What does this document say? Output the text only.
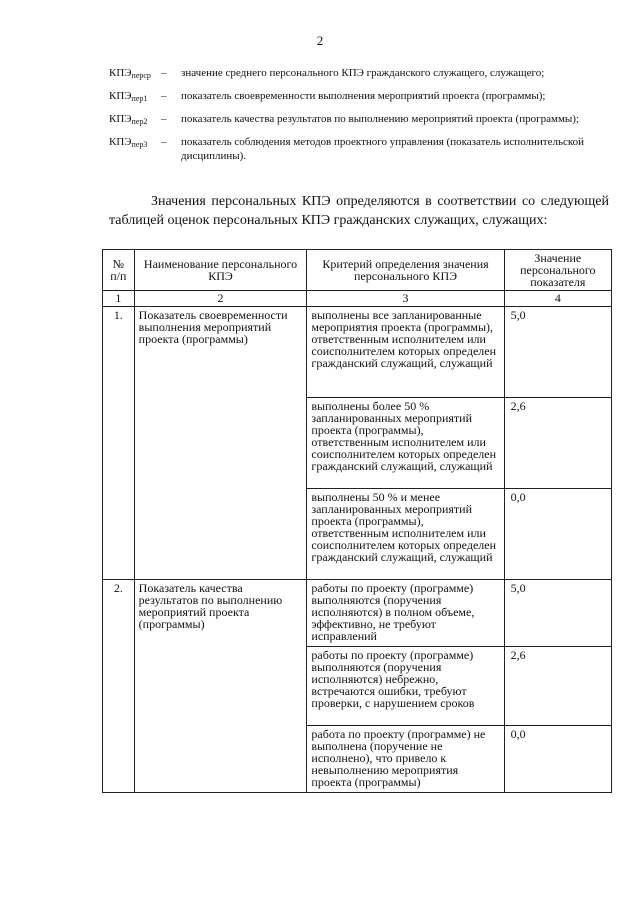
2
$КПЭ_{перср}$ –	значение среднего персонального КПЭ гражданского служащего, служащего;
$КПЭ_{пер1}$	–	показатель своевременности выполнения мероприятий проекта (программы);
$КПЭ_{пер2}$	–	показатель качества результатов по выполнению мероприятий проекта (программы);
$КПЭ_{пер3}$	–	показатель соблюдения методов проектного управления (показатель исполнительской дисциплины).
Значения персональных КПЭ определяются в соответствии со следующей таблицей оценок персональных КПЭ гражданских служащих, служащих:
№ п/п	Наименование персонального КПЭ	Критерий определения значения персонального КПЭ	Значение персонального показателя
1	2	3	4
1.	Показатель своевременности выполнения мероприятий проекта (программы)	выполнены все запланированные мероприятия проекта (программы), ответственным исполнителем или соисполнителем которых определен гражданский служащий, служащий	5,0
		выполнены более 50 % запланированных мероприятий проекта (программы), ответственным исполнителем или соисполнителем которых определен гражданский служащий, служащий	2,6
		выполнены 50 % и менее запланированных мероприятий проекта (программы), ответственным исполнителем или соисполнителем которых определен гражданский служащий, служащий	0,0
2.	Показатель качества результатов по выполнению мероприятий проекта (программы)	работы по проекту (программе) выполняются (поручения исполняются) в полном объеме, эффективно, не требуют исправлений	5,0
		работы по проекту (программе) выполняются (поручения исполняются) небрежно, встречаются ошибки, требуют проверки, с нарушением сроков	2,6
		работа по проекту (программе) не выполнена (поручение не исполнено), что привело к невыполнению мероприятия проекта (программы)	0,0
